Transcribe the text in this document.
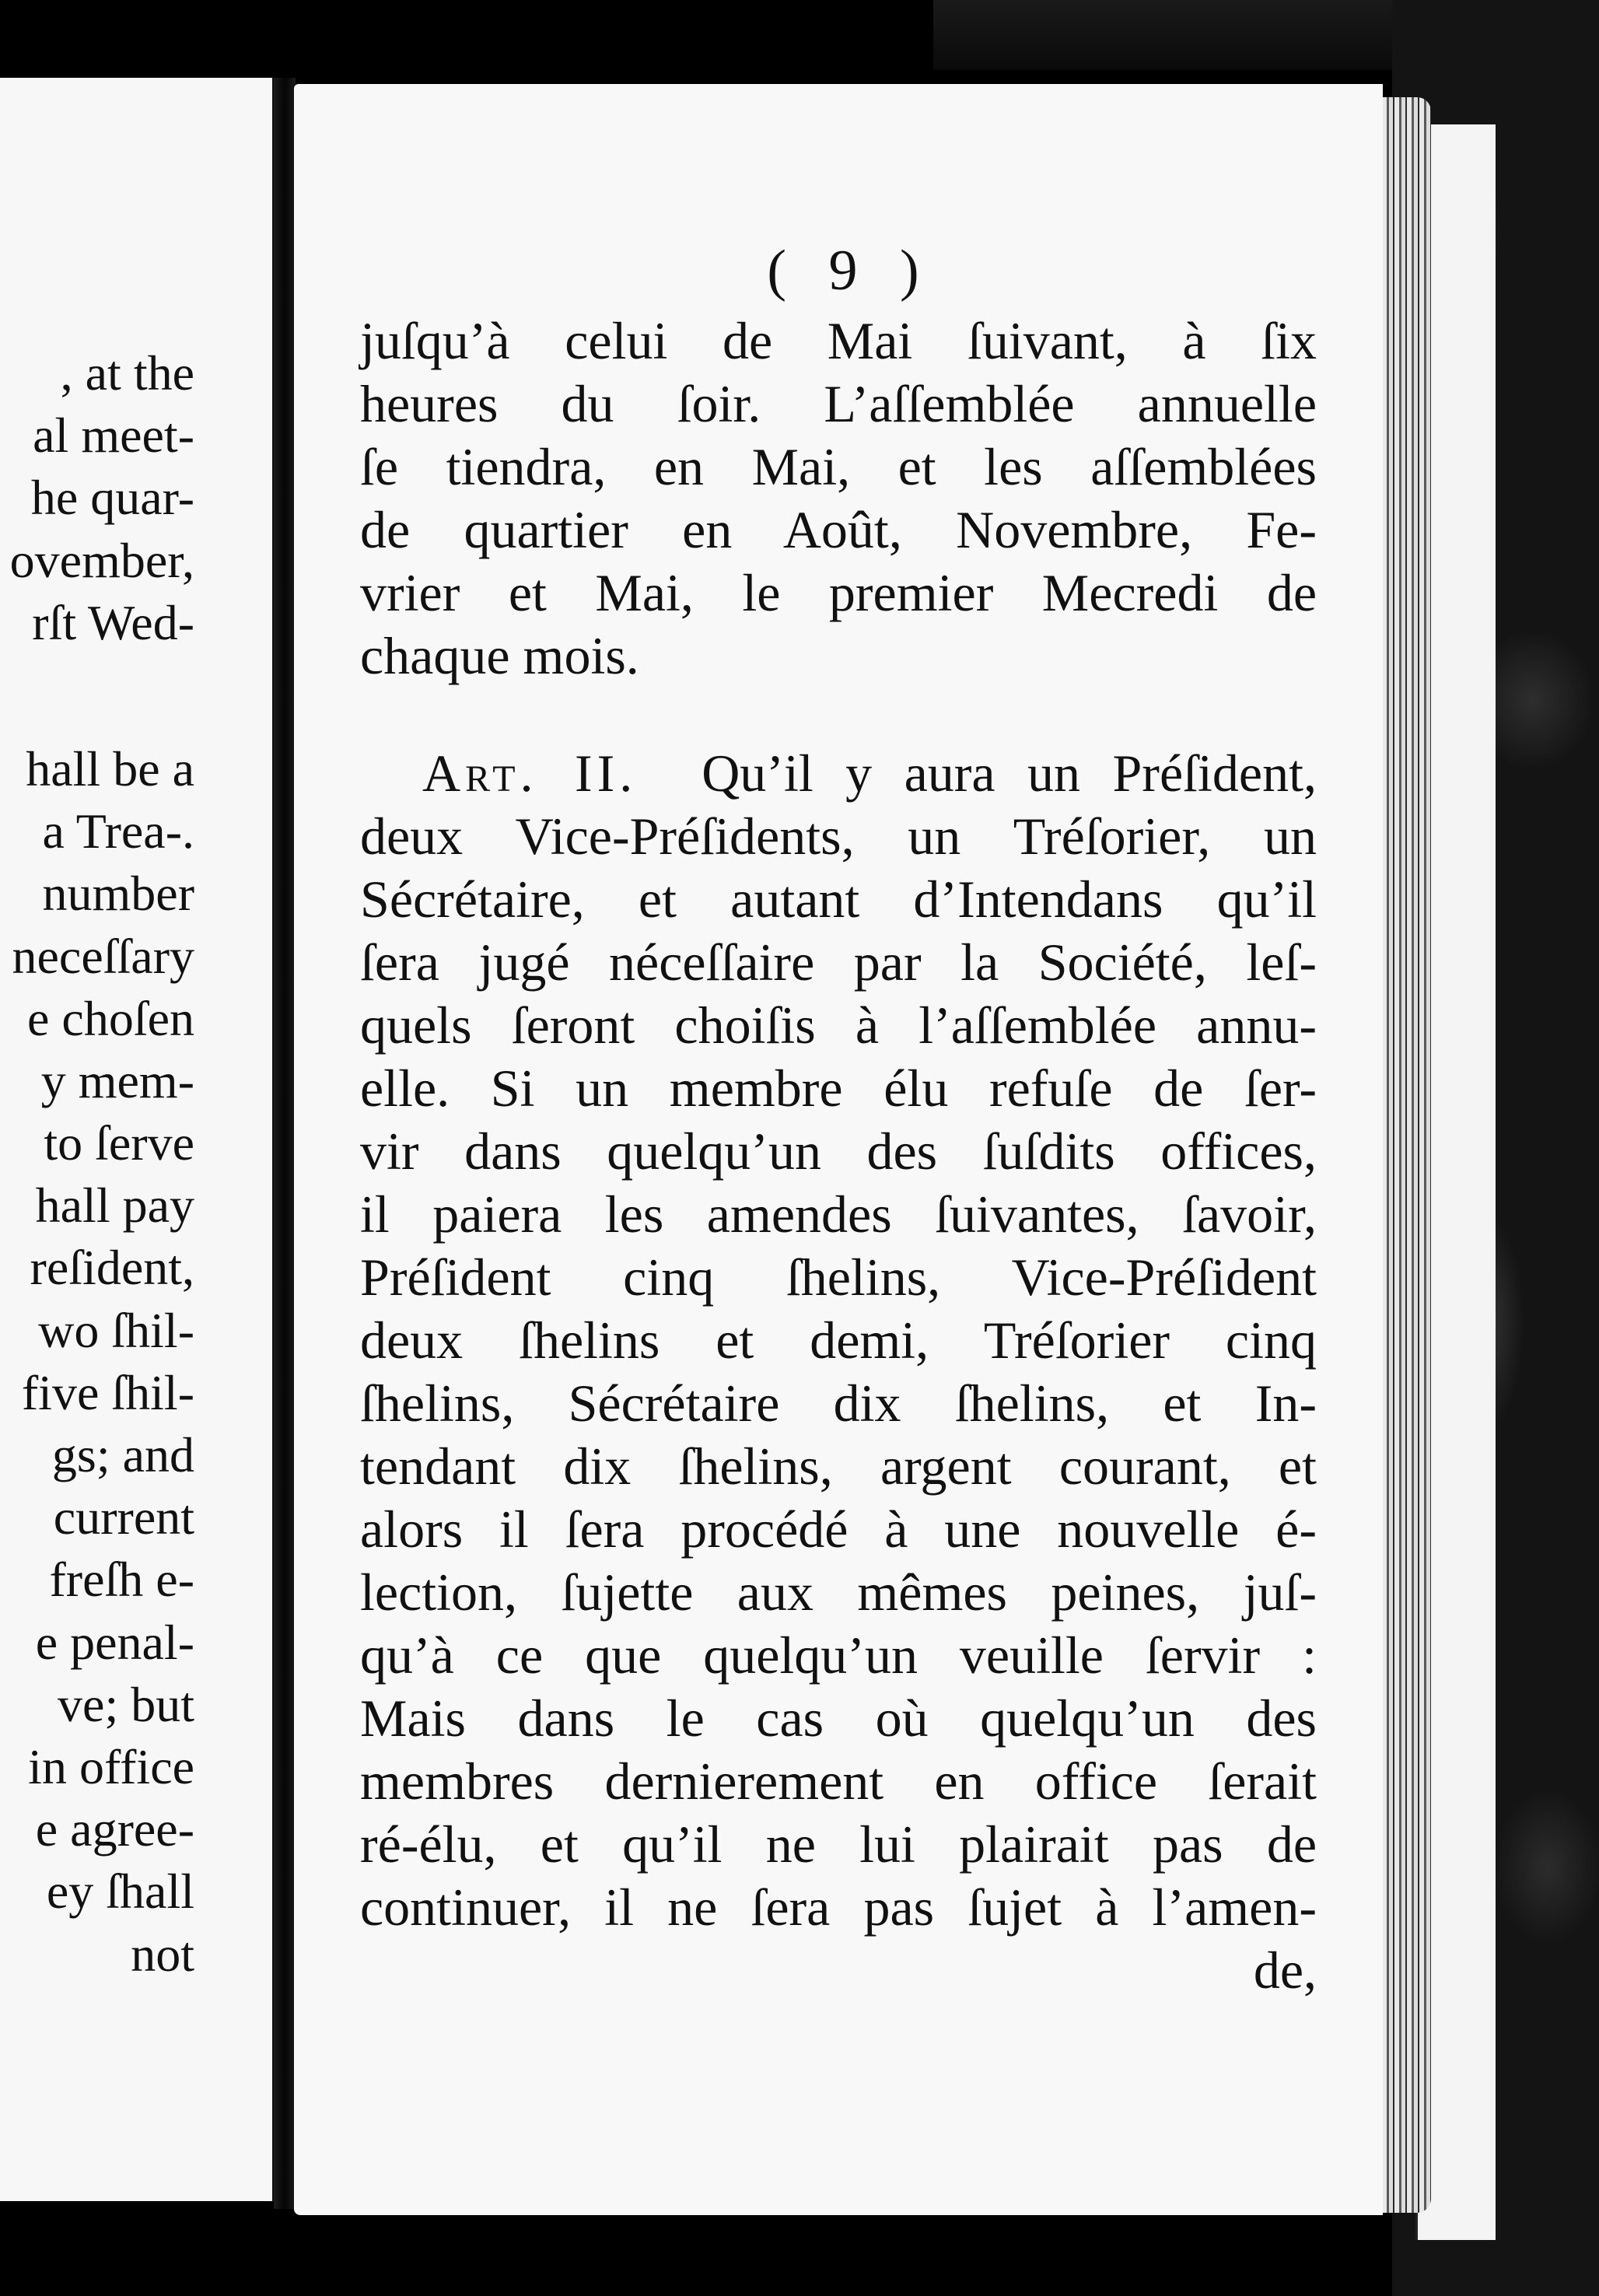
, at the
al meet-
he quar-
ovember,
rſt Wed-
hall be a
a Trea-.
number
neceſſary
e choſen
y mem-
to ſerve
hall pay
reſident,
wo ſhil-
five ſhil-
gs; and
current
freſh e-
e penal-
ve; but
in office
e agree-
ey ſhall
not
( 9 )
juſqu’à celui de Mai ſuivant, à ſix
heures du ſoir. L’aſſemblée annuelle
ſe tiendra, en Mai, et les aſſemblées
de quartier en Août, Novembre, Fe-
vrier et Mai, le premier Mecredi de
chaque mois.
Art. II. Qu’il y aura un Préſident,
deux Vice-Préſidents, un Tréſorier, un
Sécrétaire, et autant d’Intendans qu’il
ſera jugé néceſſaire par la Société, leſ-
quels ſeront choiſis à l’aſſemblée annu-
elle. Si un membre élu refuſe de ſer-
vir dans quelqu’un des ſuſdits offices,
il paiera les amendes ſuivantes, ſavoir,
Préſident cinq ſhelins, Vice-Préſident
deux ſhelins et demi, Tréſorier cinq
ſhelins, Sécrétaire dix ſhelins, et In-
tendant dix ſhelins, argent courant, et
alors il ſera procédé à une nouvelle é-
lection, ſujette aux mêmes peines, juſ-
qu’à ce que quelqu’un veuille ſervir :
Mais dans le cas où quelqu’un des
membres dernierement en office ſerait
ré-élu, et qu’il ne lui plairait pas de
continuer, il ne ſera pas ſujet à l’amen-
de,
